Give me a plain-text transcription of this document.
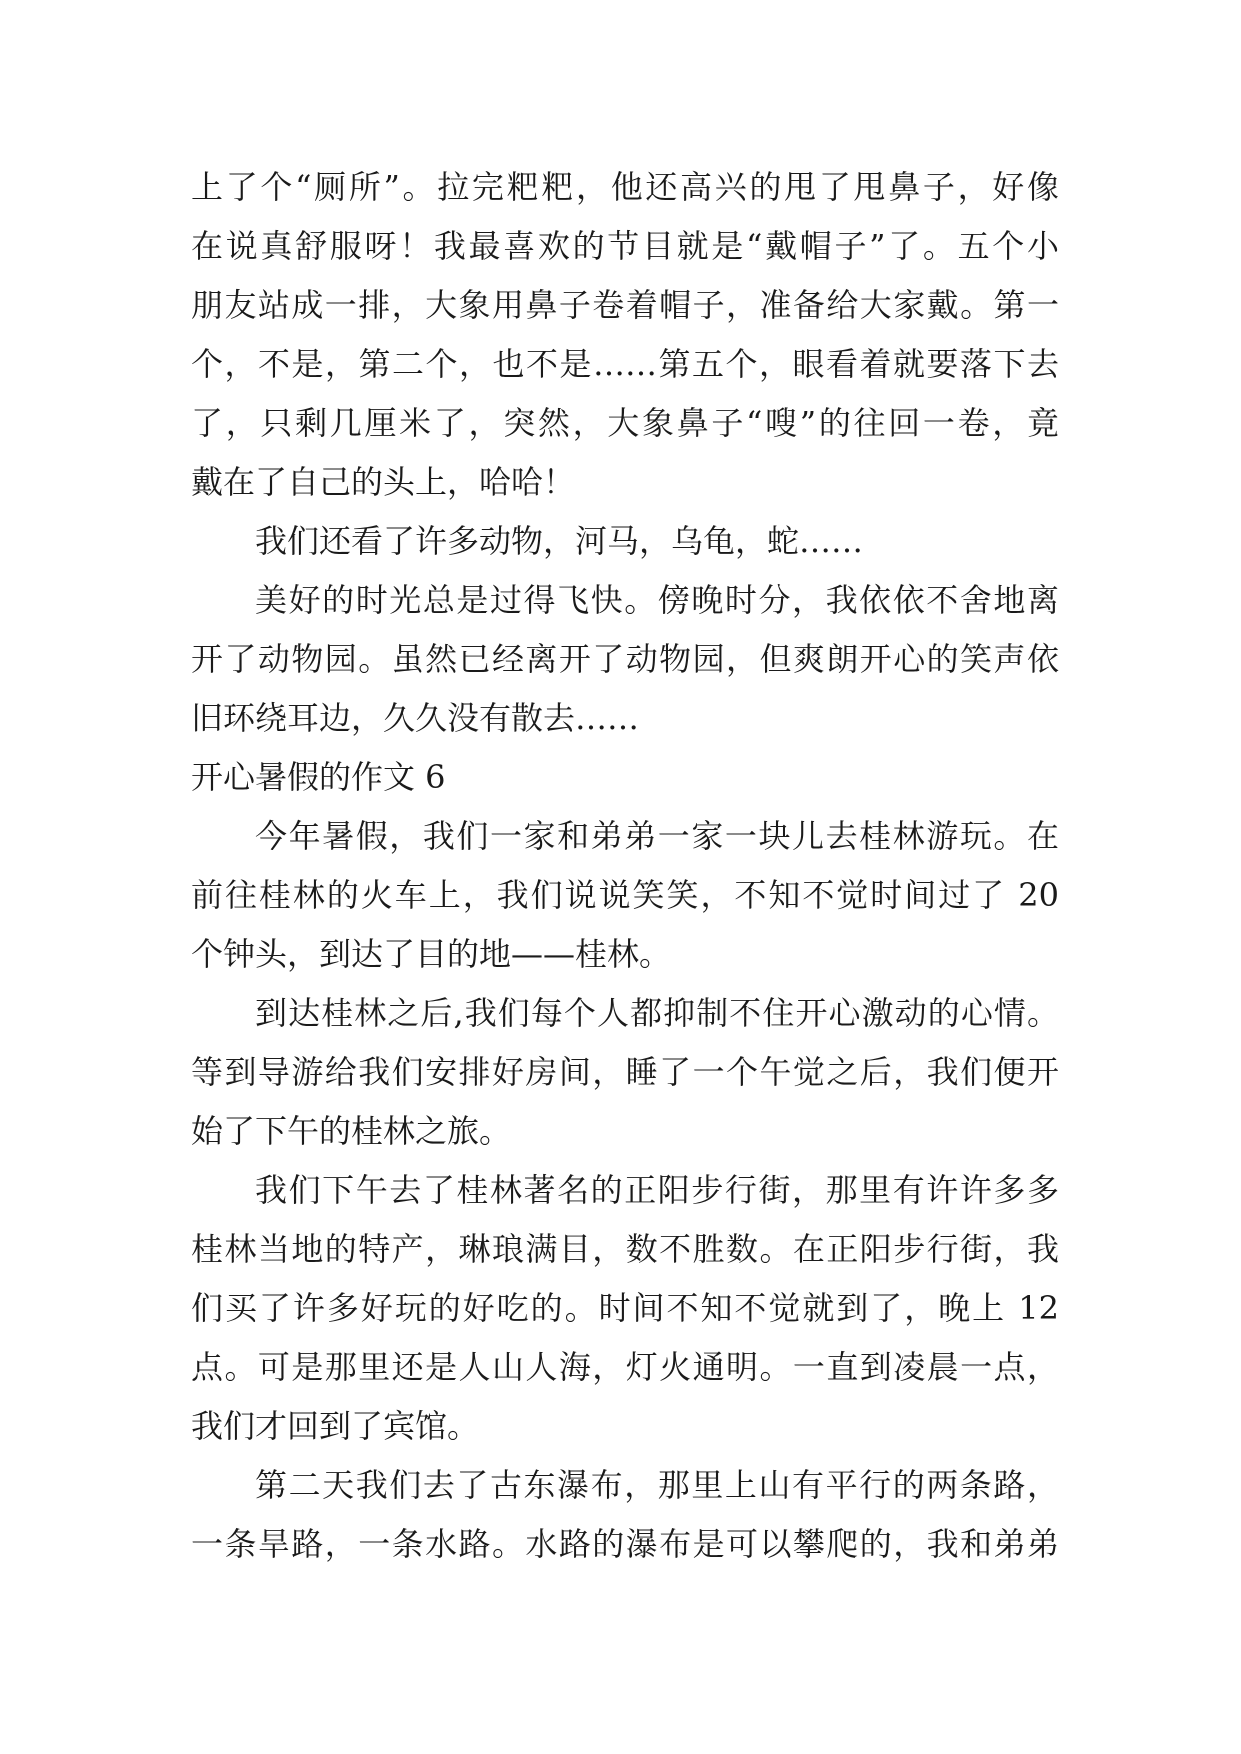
上了个“厕所”。拉完粑粑，他还高兴的甩了甩鼻子，好像
在说真舒服呀！我最喜欢的节目就是“戴帽子”了。五个小
朋友站成一排，大象用鼻子卷着帽子，准备给大家戴。第一
个，不是，第二个，也不是……第五个，眼看着就要落下去
了，只剩几厘米了，突然，大象鼻子“嗖”的往回一卷，竟
戴在了自己的头上，哈哈！
我们还看了许多动物，河马，乌龟，蛇……
美好的时光总是过得飞快。傍晚时分，我依依不舍地离
开了动物园。虽然已经离开了动物园，但爽朗开心的笑声依
旧环绕耳边，久久没有散去……
开心暑假的作文 6
今年暑假，我们一家和弟弟一家一块儿去桂林游玩。在
前往桂林的火车上，我们说说笑笑，不知不觉时间过了 20
个钟头，到达了目的地——桂林。
到达桂林之后,我们每个人都抑制不住开心激动的心情。
等到导游给我们安排好房间，睡了一个午觉之后，我们便开
始了下午的桂林之旅。
我们下午去了桂林著名的正阳步行街，那里有许许多多
桂林当地的特产，琳琅满目，数不胜数。在正阳步行街，我
们买了许多好玩的好吃的。时间不知不觉就到了，晚上 12
点。可是那里还是人山人海，灯火通明。一直到凌晨一点，
我们才回到了宾馆。
第二天我们去了古东瀑布，那里上山有平行的两条路，
一条旱路，一条水路。水路的瀑布是可以攀爬的，我和弟弟
